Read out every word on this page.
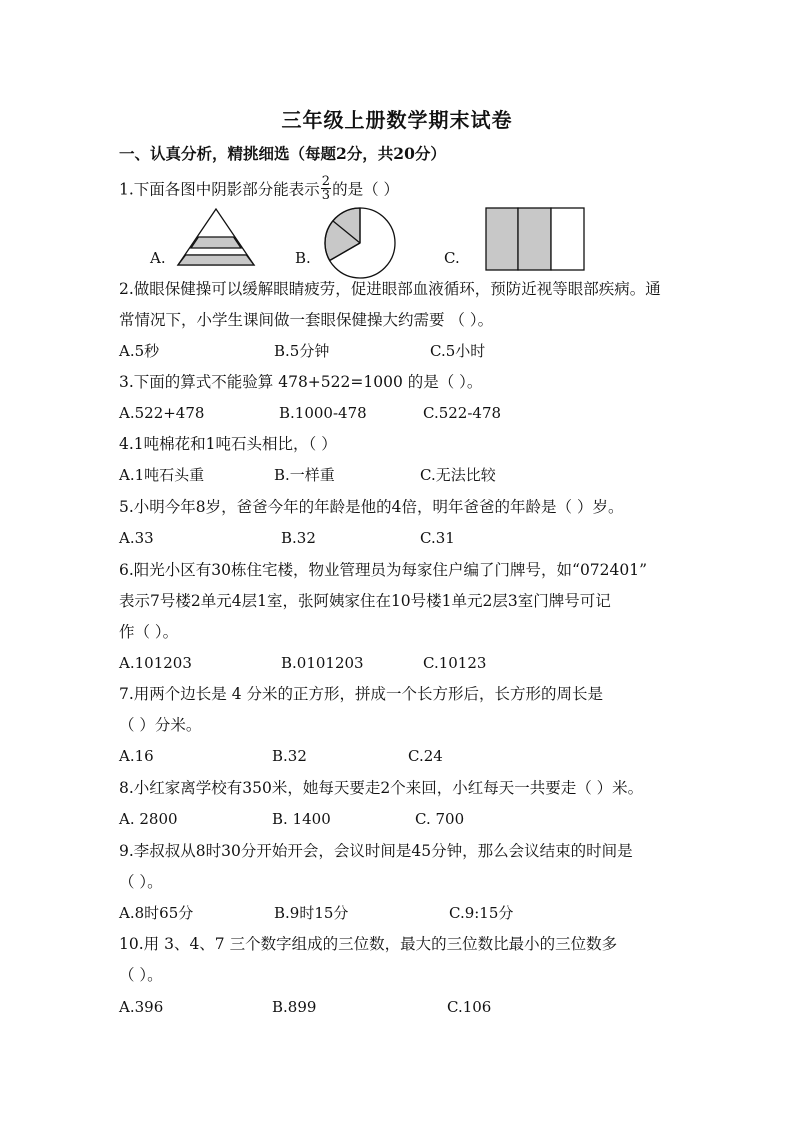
三年级上册数学期末试卷
一、认真分析，精挑细选（每题2分，共20分）
1.下面各图中阴影部分能表示 $\frac{2}{3}$ 的是（ ）
A.	B.	C.
2.做眼保健操可以缓解眼睛疲劳，促进眼部血液循环，预防近视等眼部疾病。通
常情况下，小学生课间做一套眼保健操大约需要 （ ）。
A.5秒	B.5分钟	C.5小时
3.下面的算式不能验算 478+522=1000 的是（ ）。
A.522+478	B.1000-478	C.522-478
4.1吨棉花和1吨石头相比，（ ）
A.1吨石头重	B.一样重	C.无法比较
5.小明今年8岁，爸爸今年的年龄是他的4倍，明年爸爸的年龄是（ ）岁。
A.33	B.32	C.31
6.阳光小区有30栋住宅楼，物业管理员为每家住户编了门牌号，如“072401”
表示7号楼2单元4层1室，张阿姨家住在10号楼1单元2层3室门牌号可记
作（ ）。
A.101203	B.0101203	C.10123
7.用两个边长是 4 分米的正方形，拼成一个长方形后，长方形的周长是
（ ）分米。
A.16	B.32	C.24
8.小红家离学校有350米，她每天要走2个来回，小红每天一共要走（ ）米。
A. 2800	B. 1400	C. 700
9.李叔叔从8时30分开始开会，会议时间是45分钟，那么会议结束的时间是
（ ）。
A.8时65分	B.9时15分	C.9:15分
10.用 3、4、7 三个数字组成的三位数，最大的三位数比最小的三位数多
（ ）。
A.396	B.899	C.106
